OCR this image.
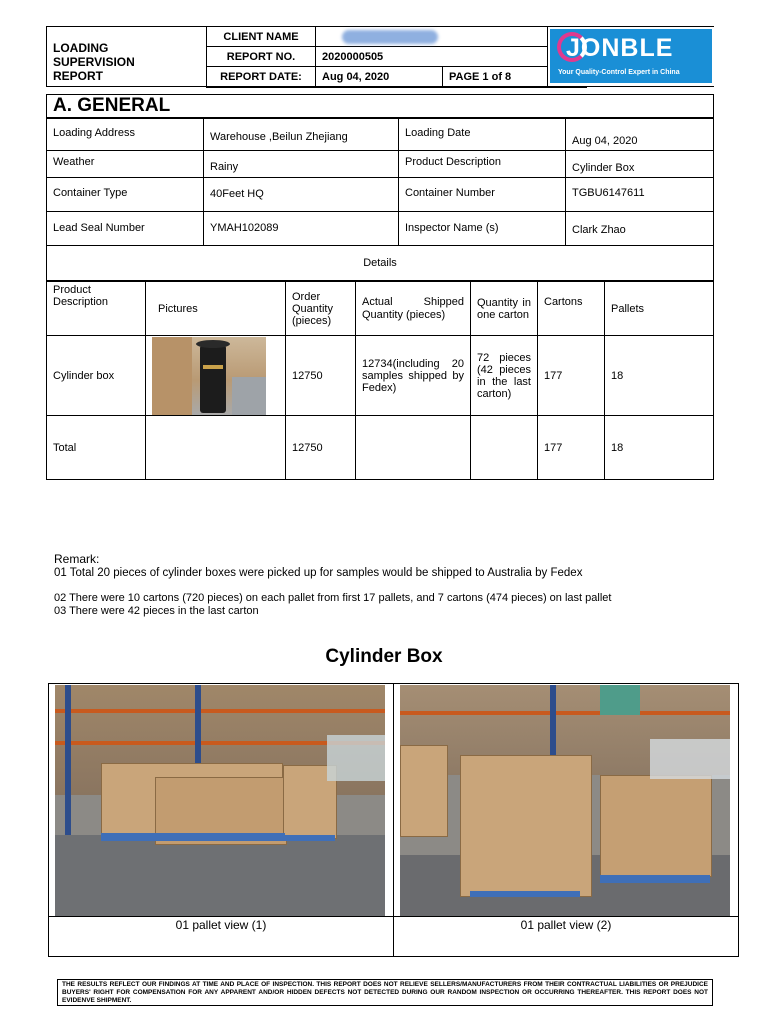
LOADING SUPERVISION REPORT
CLIENT NAME		
REPORT NO.	2020000505	
REPORT DATE:	Aug 04, 2020	PAGE 1 of 8
JONBLE
Your Quality-Control Expert in China
A. GENERAL
Loading Address	Warehouse ,Beilun Zhejiang	Loading Date	Aug 04, 2020
Weather	Rainy	Product Description	Cylinder Box
Container Type	40Feet HQ	Container Number	TGBU6147611
Lead Seal Number	YMAH102089	Inspector Name (s)	Clark Zhao
Details			
Product Description	Pictures	Order Quantity (pieces)	Actual Shipped Quantity (pieces)	Quantity in one carton	Cartons	Pallets
Cylinder box		12750	12734(including 20 samples shipped by Fedex)	72 pieces (42 pieces in the last carton)	177	18
Total		12750			177	18
Remark:
01 Total 20 pieces of cylinder boxes were picked up for samples would be shipped to Australia by Fedex
02 There were 10 cartons (720 pieces) on each pallet from first 17 pallets, and 7 cartons (474 pieces) on last pallet
03 There were 42 pieces in the last carton
Cylinder Box
01 pallet view (1)	01 pallet view (2)
THE RESULTS REFLECT OUR FINDINGS AT TIME AND PLACE OF INSPECTION. THIS REPORT DOES NOT RELIEVE SELLERS/MANUFACTURERS FROM THEIR CONTRACTUAL LIABILITIES OR PREJUDICE BUYERS' RIGHT FOR COMPENSATION FOR ANY APPARENT AND/OR HIDDEN DEFECTS NOT DETECTED DURING OUR RANDOM INSPECTION OR OCCURRING THEREAFTER. THIS REPORT DOES NOT EVIDENVE SHIPMENT.
